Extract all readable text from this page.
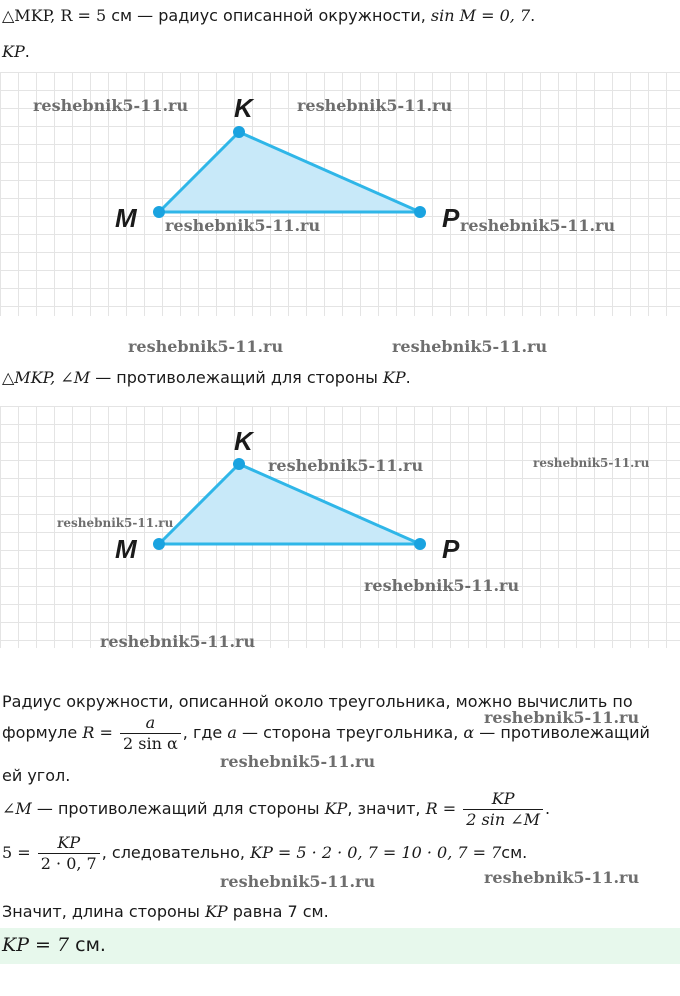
△MKP, R = 5 см — радиус описанной окружности, sin M = 0, 7.
KP.
K
M	P
reshebnik5-11.ru	reshebnik5-11.ru
reshebnik5-11.ru	reshebnik5-11.ru
reshebnik5-11.ru	reshebnik5-11.ru
△MKP, ∠M — противолежащий для стороны KP.
K
M	P
reshebnik5-11.ru	reshebnik5-11.ru
reshebnik5-11.ru
reshebnik5-11.ru
reshebnik5-11.ru
Радиус окружности, описанной около треугольника, можно вычислить по
формуле $R = \frac{a}{\text{2 sin α}}$ , где a — сторона треугольника, α — противолежащий
ей угол.
∠M — противолежащий для стороны KP, значит, $R = \frac{KP}{2 \sin \angle M}$ .
$5 = \frac{KP}{2 \cdot 0, 7}$ , следовательно, KP = 5 · 2 · 0, 7 = 10 · 0, 7 = 7см.
Значит, длина стороны KP равна 7 см.
KP = 7 см.
reshebnik5-11.ru
reshebnik5-11.ru
reshebnik5-11.ru	reshebnik5-11.ru
